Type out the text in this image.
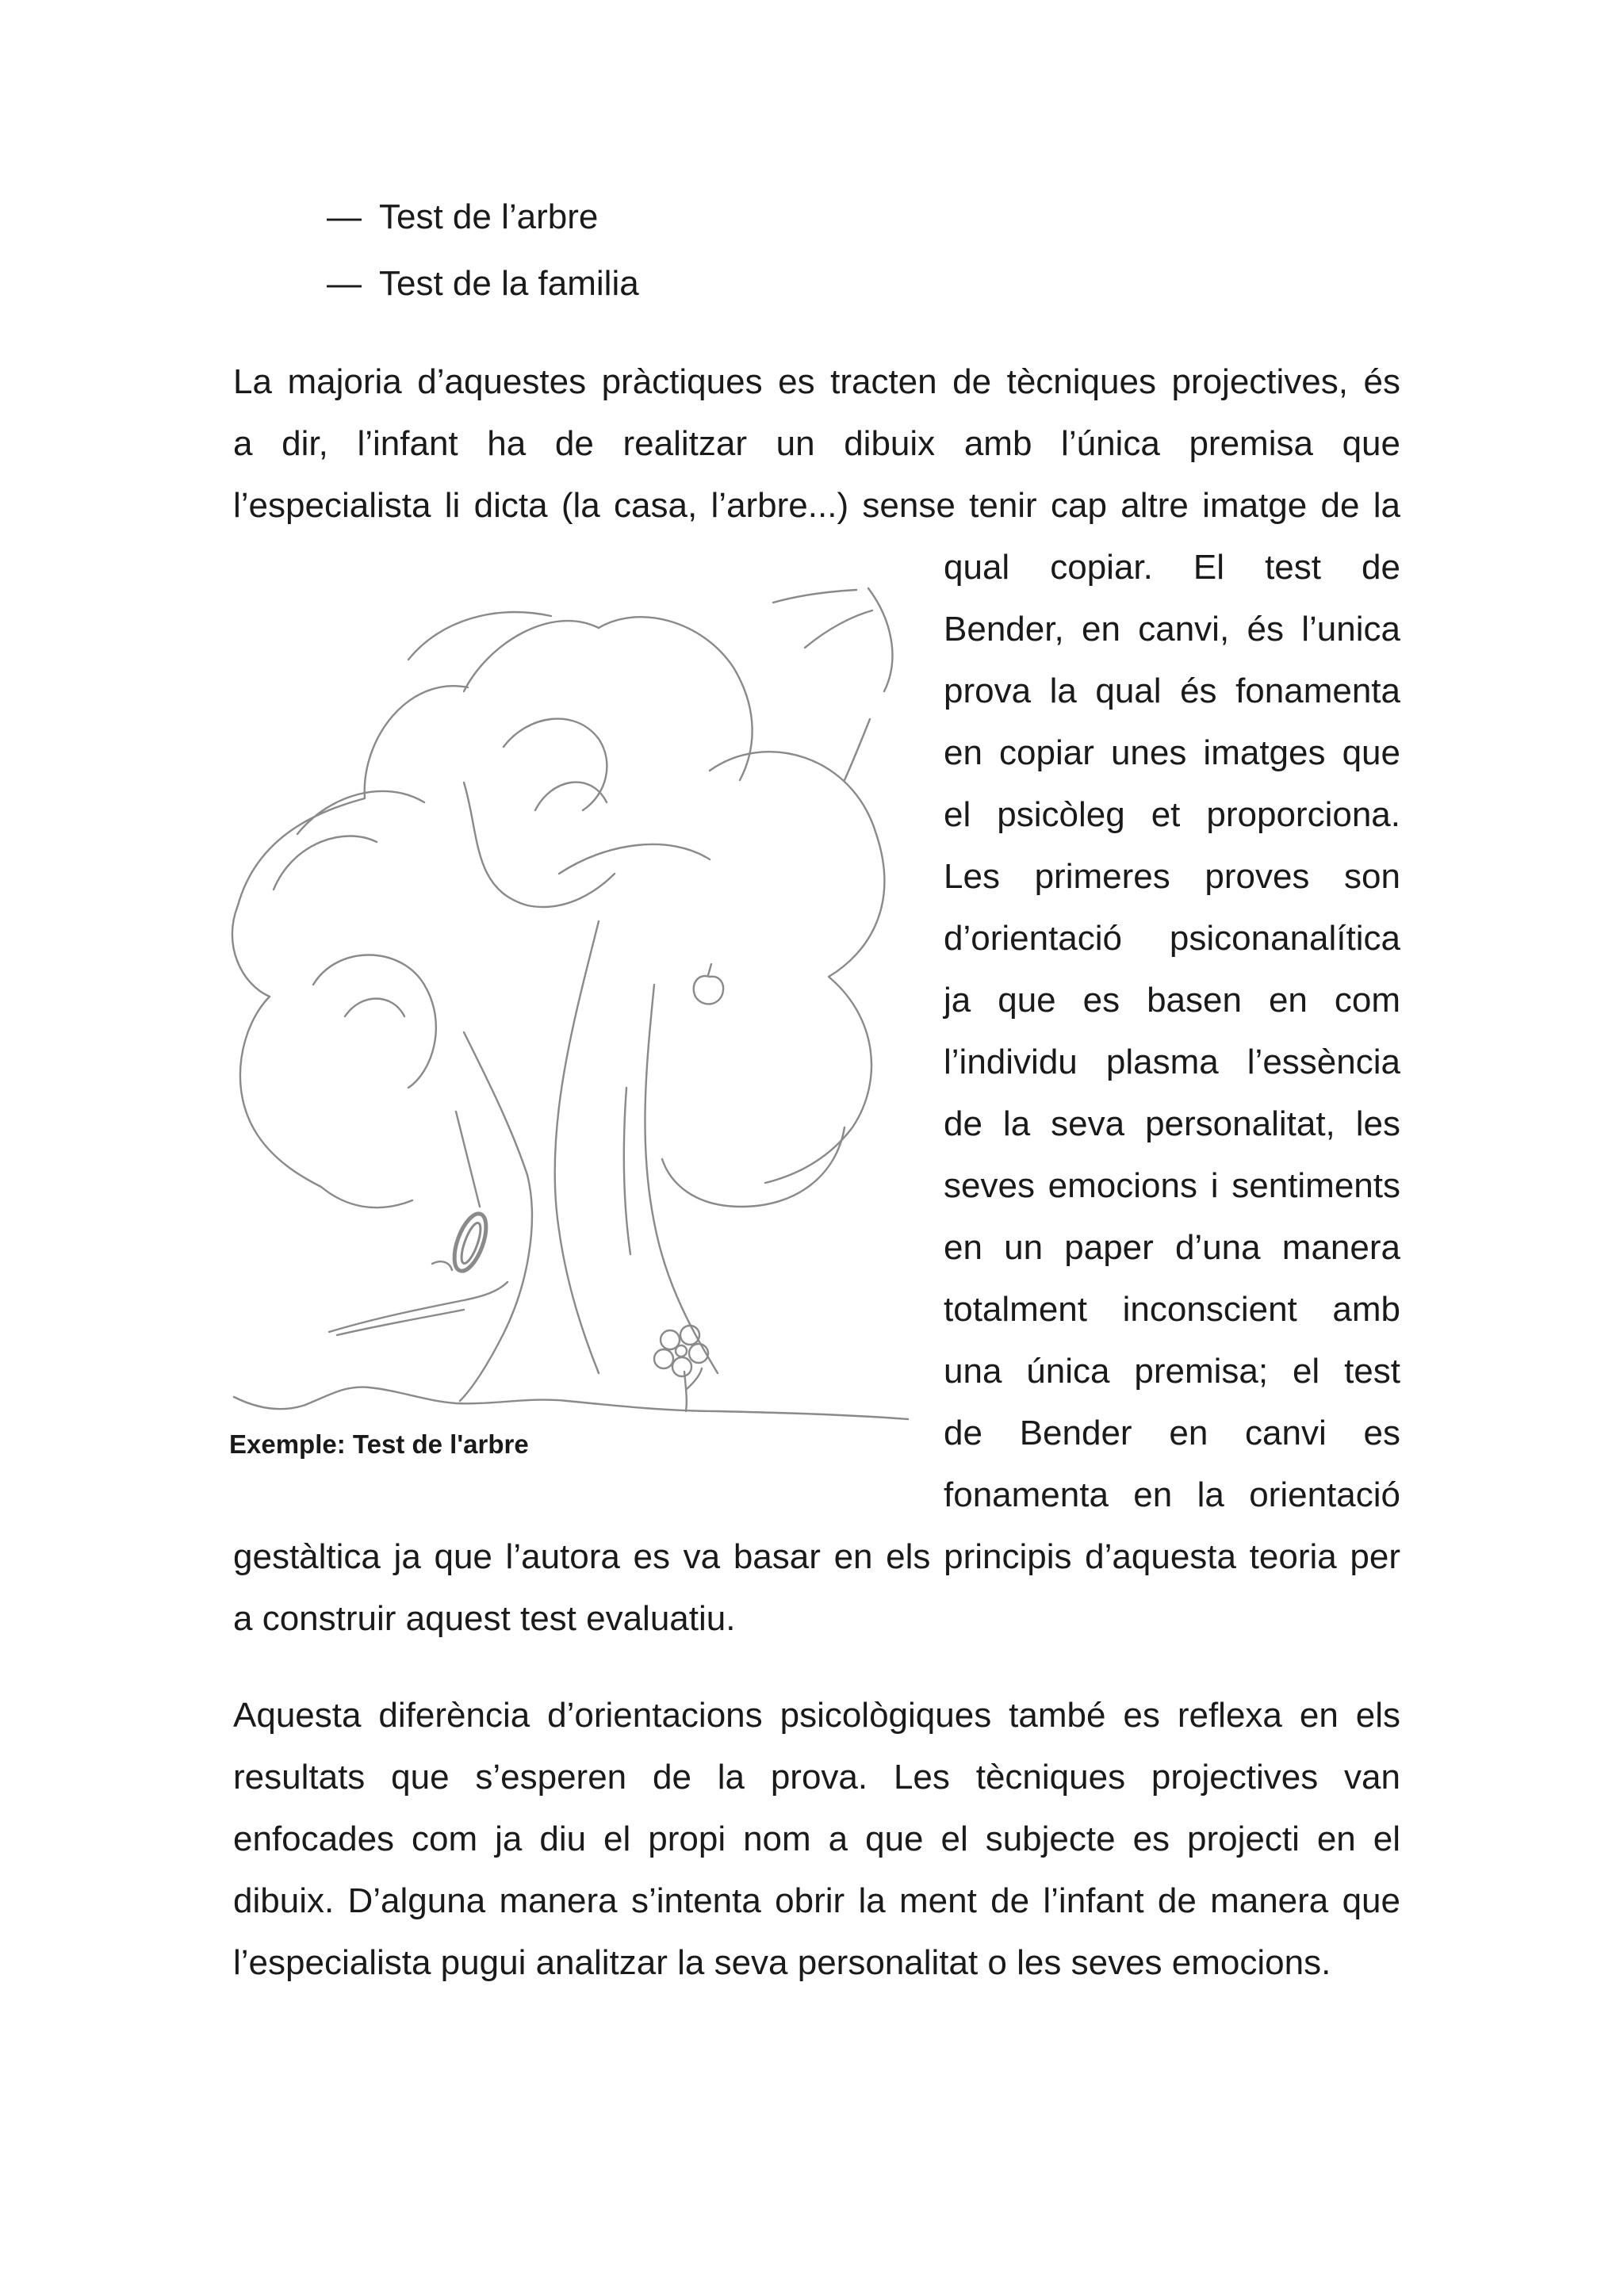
— Test de l’arbre
— Test de la familia
La majoria d’aquestes pràctiques es tracten de tècniques projectives, és
a dir, l’infant ha de realitzar un dibuix amb l’única premisa que
l’especialista li dicta (la casa, l’arbre...) sense tenir cap altre imatge de la
qual copiar. El test de
Bender, en canvi, és l’unica
prova la qual és fonamenta
en copiar unes imatges que
el psicòleg et proporciona.
Les primeres proves son
d’orientació psiconanalítica
ja que es basen en com
l’individu plasma l’essència
de la seva personalitat, les
seves emocions i sentiments
en un paper d’una manera
totalment inconscient amb
una única premisa; el test
de Bender en canvi es
fonamenta en la orientació
gestàltica ja que l’autora es va basar en els principis d’aquesta teoria per
a construir aquest test evaluatiu.
Exemple: Test de l'arbre
Aquesta diferència d’orientacions psicològiques també es reflexa en els
resultats que s’esperen de la prova. Les tècniques projectives van
enfocades com ja diu el propi nom a que el subjecte es projecti en el
dibuix. D’alguna manera s’intenta obrir la ment de l’infant de manera que
l’especialista pugui analitzar la seva personalitat o les seves emocions.
